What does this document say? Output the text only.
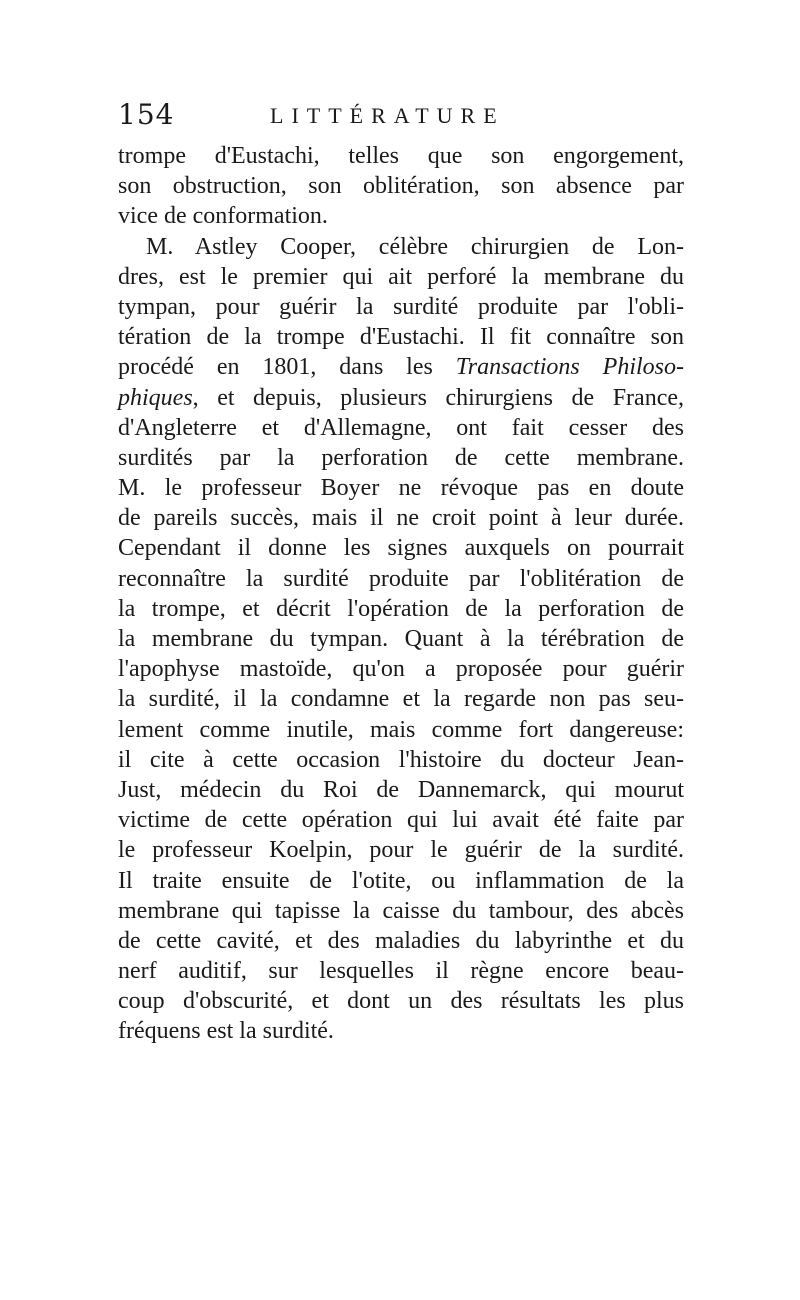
154	LITTÉRATURE
trompe d'Eustachi, telles que son engorgement,
son obstruction, son oblitération, son absence par
vice de conformation.
M. Astley Cooper, célèbre chirurgien de Lon-
dres, est le premier qui ait perforé la membrane du
tympan, pour guérir la surdité produite par l'obli-
tération de la trompe d'Eustachi. Il fit connaître son
procédé en 1801, dans les Transactions Philoso-
phiques, et depuis, plusieurs chirurgiens de France,
d'Angleterre et d'Allemagne, ont fait cesser des
surdités par la perforation de cette membrane.
M. le professeur Boyer ne révoque pas en doute
de pareils succès, mais il ne croit point à leur durée.
Cependant il donne les signes auxquels on pourrait
reconnaître la surdité produite par l'oblitération de
la trompe, et décrit l'opération de la perforation de
la membrane du tympan. Quant à la térébration de
l'apophyse mastoïde, qu'on a proposée pour guérir
la surdité, il la condamne et la regarde non pas seu-
lement comme inutile, mais comme fort dangereuse:
il cite à cette occasion l'histoire du docteur Jean-
Just, médecin du Roi de Dannemarck, qui mourut
victime de cette opération qui lui avait été faite par
le professeur Koelpin, pour le guérir de la surdité.
Il traite ensuite de l'otite, ou inflammation de la
membrane qui tapisse la caisse du tambour, des abcès
de cette cavité, et des maladies du labyrinthe et du
nerf auditif, sur lesquelles il règne encore beau-
coup d'obscurité, et dont un des résultats les plus
fréquens est la surdité.
